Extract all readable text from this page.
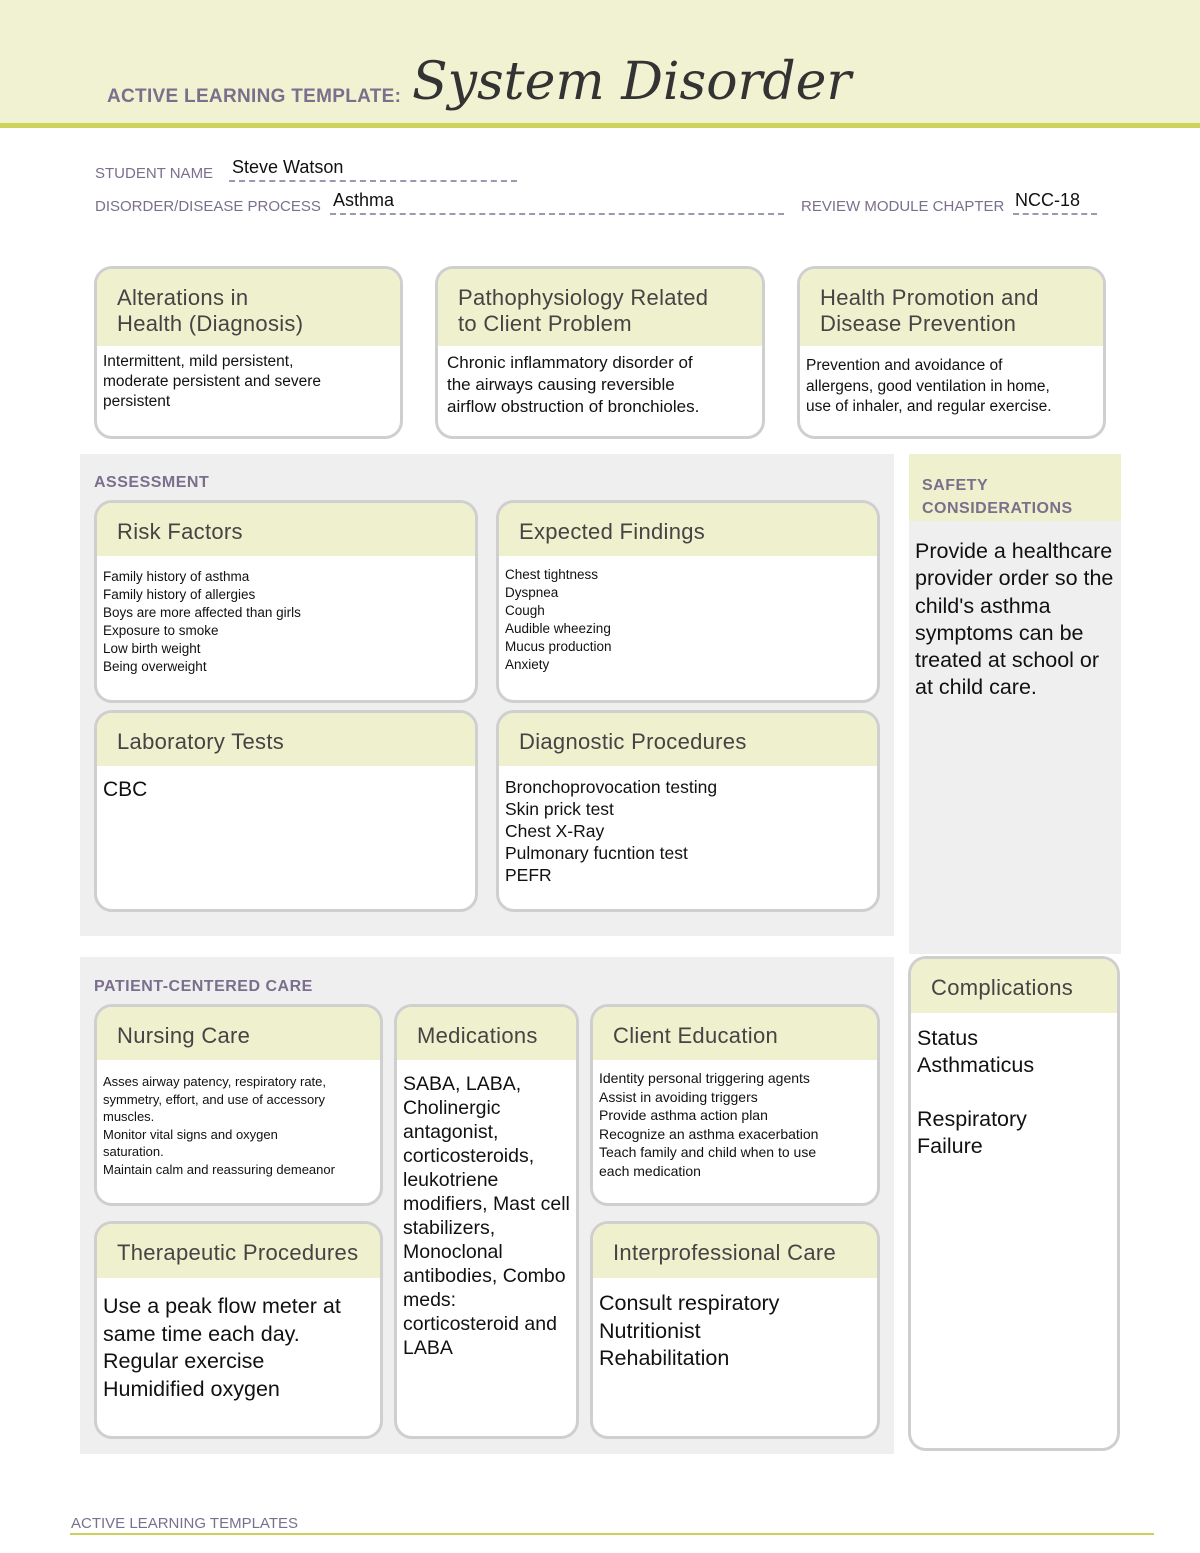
ACTIVE LEARNING TEMPLATE: System Disorder
STUDENT NAME Steve Watson
DISORDER/DISEASE PROCESS Asthma	REVIEW MODULE CHAPTER NCC-18
Alterations in
Health (Diagnosis)
Intermittent, mild persistent,
moderate persistent and severe
persistent
Pathophysiology Related
to Client Problem
Chronic inflammatory disorder of
the airways causing reversible
airflow obstruction of bronchioles.
Health Promotion and
Disease Prevention
Prevention and avoidance of
allergens, good ventilation in home,
use of inhaler, and regular exercise.
ASSESSMENT
Risk Factors
Family history of asthma
Family history of allergies
Boys are more affected than girls
Exposure to smoke
Low birth weight
Being overweight
Expected Findings
Chest tightness
Dyspnea
Cough
Audible wheezing
Mucus production
Anxiety
Laboratory Tests
CBC
Diagnostic Procedures
Bronchoprovocation testing
Skin prick test
Chest X-Ray
Pulmonary fucntion test
PEFR
SAFETY
CONSIDERATIONS
Provide a healthcare provider order so the child's asthma symptoms can be treated at school or at child care.
Complications
Status
Asthmaticus

Respiratory
Failure
PATIENT-CENTERED CARE
Nursing Care
Asses airway patency, respiratory rate,
symmetry, effort, and use of accessory
muscles.
Monitor vital signs and oxygen
saturation.
Maintain calm and reassuring demeanor
Medications
SABA, LABA, Cholinergic antagonist, corticosteroids, leukotriene modifiers, Mast cell stabilizers, Monoclonal antibodies, Combo meds: corticosteroid and LABA
Client Education
Identity personal triggering agents
Assist in avoiding triggers
Provide asthma action plan
Recognize an asthma exacerbation
Teach family and child when to use
each medication
Therapeutic Procedures
Use a peak flow meter at
same time each day.
Regular exercise
Humidified oxygen
Interprofessional Care
Consult respiratory
Nutritionist
Rehabilitation
ACTIVE LEARNING TEMPLATES
